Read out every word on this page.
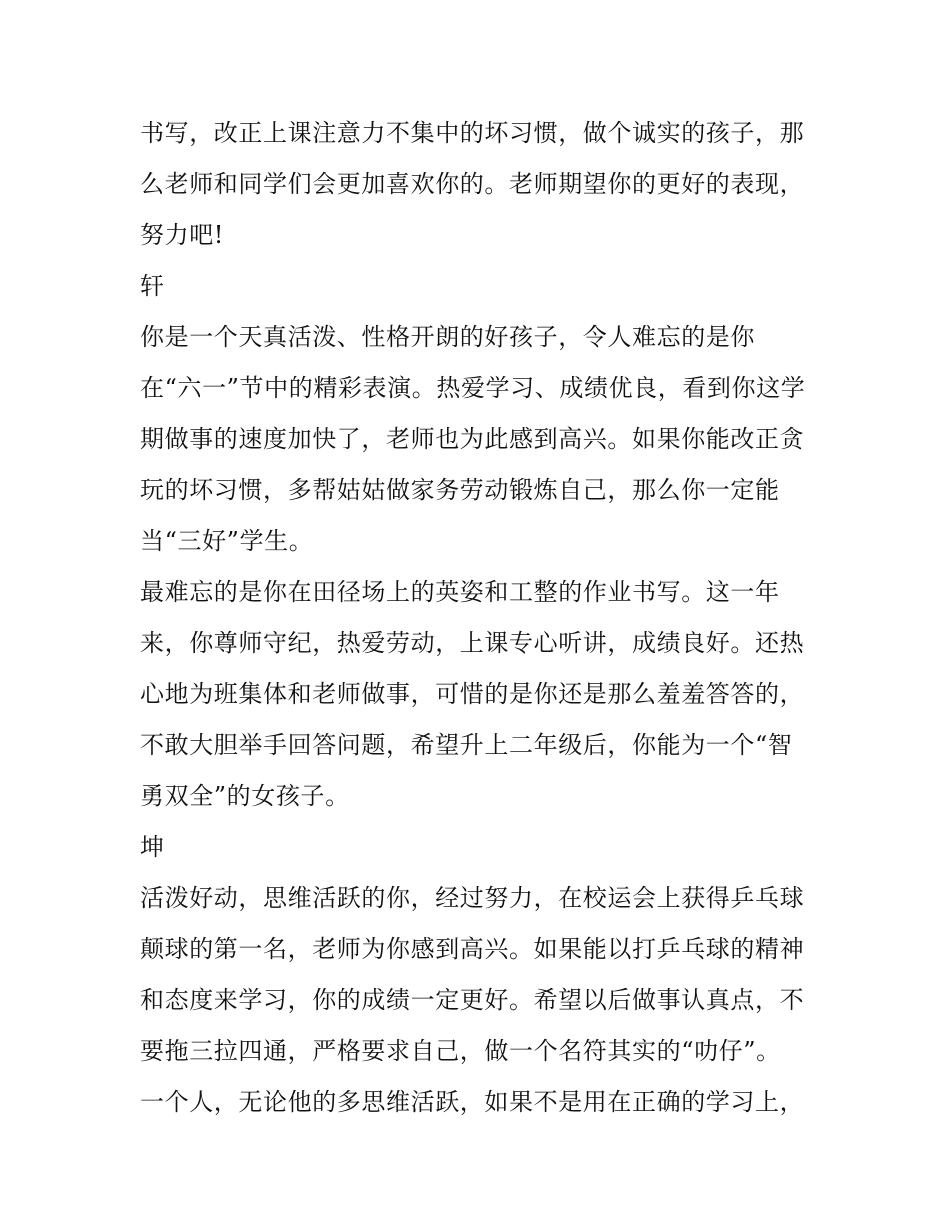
书写，改正上课注意力不集中的坏习惯，做个诚实的孩子，那
么老师和同学们会更加喜欢你的。老师期望你的更好的表现，
努力吧!
轩
你是一个天真活泼、性格开朗的好孩子，令人难忘的是你
在“六一”节中的精彩表演。热爱学习、成绩优良，看到你这学
期做事的速度加快了，老师也为此感到高兴。如果你能改正贪
玩的坏习惯，多帮姑姑做家务劳动锻炼自己，那么你一定能
当“三好”学生。
最难忘的是你在田径场上的英姿和工整的作业书写。这一年
来，你尊师守纪，热爱劳动，上课专心听讲，成绩良好。还热
心地为班集体和老师做事，可惜的是你还是那么羞羞答答的，
不敢大胆举手回答问题，希望升上二年级后，你能为一个“智
勇双全”的女孩子。
坤
活泼好动，思维活跃的你，经过努力，在校运会上获得乒乓球
颠球的第一名，老师为你感到高兴。如果能以打乒乓球的精神
和态度来学习，你的成绩一定更好。希望以后做事认真点，不
要拖三拉四通，严格要求自己，做一个名符其实的“叻仔”。
一个人，无论他的多思维活跃，如果不是用在正确的学习上，
